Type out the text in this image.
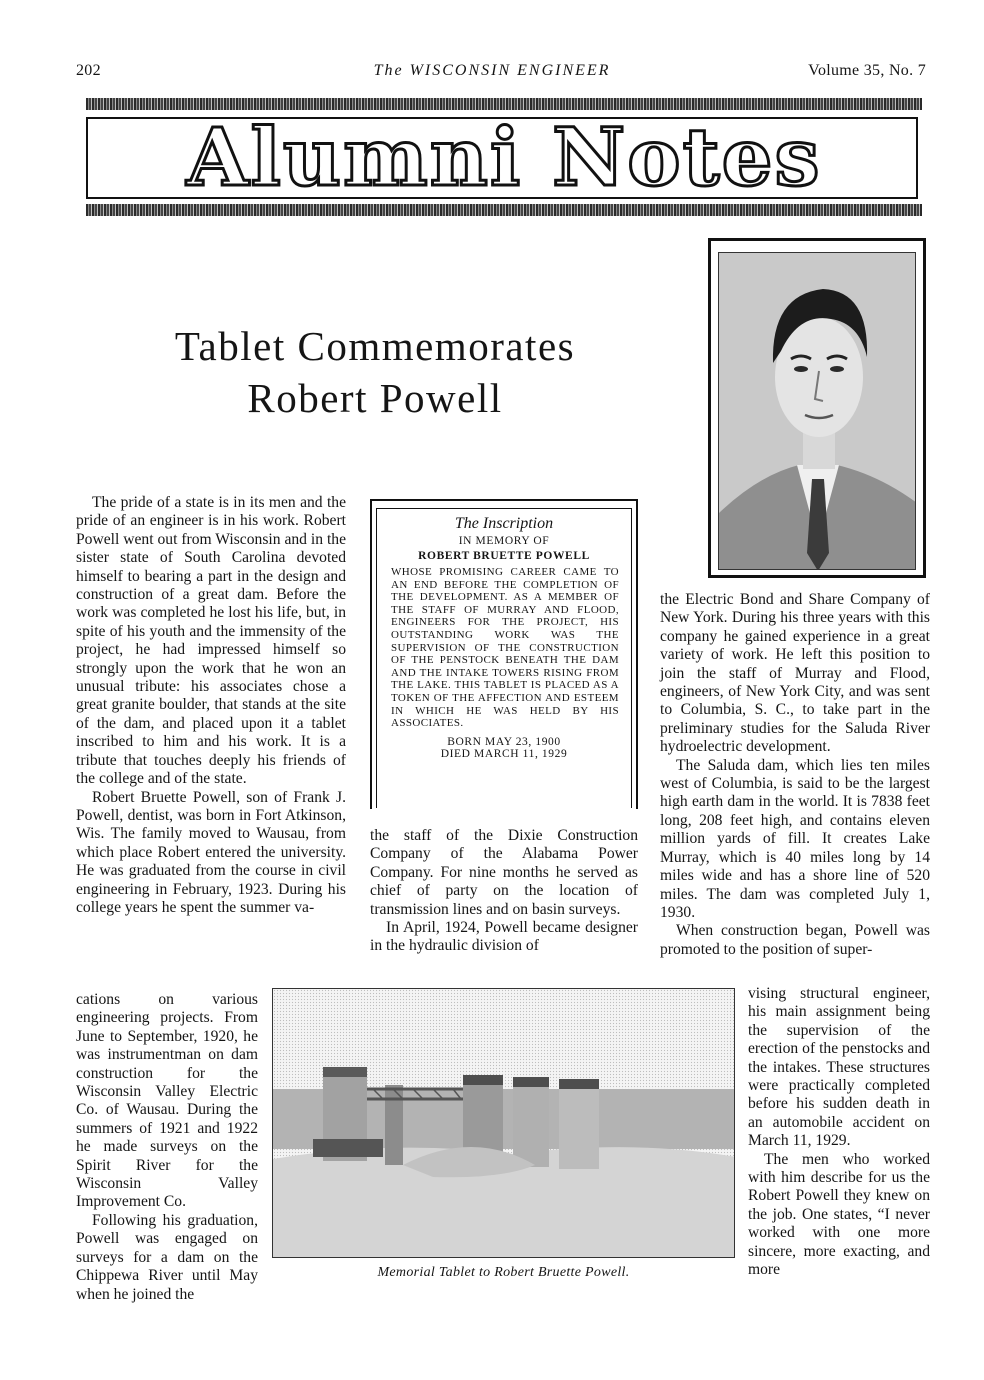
202	The WISCONSIN ENGINEER	Volume 35, No. 7
Alumni Notes
Tablet Commemorates
Robert Powell

The pride of a state is in its men and the pride of an engineer is in his work. Robert Powell went out from Wisconsin and in the sister state of South Carolina devoted himself to bearing a part in the design and construction of a great dam. Before the work was completed he lost his life, but, in spite of his youth and the immensity of the project, he had impressed himself so strongly upon the work that he won an unusual tribute: his associates chose a great granite boulder, that stands at the site of the dam, and placed upon it a tablet inscribed to him and his work. It is a tribute that touches deeply his friends of the college and of the state.

Robert Bruette Powell, son of Frank J. Powell, dentist, was born in Fort Atkinson, Wis. The family moved to Wausau, from which place Robert entered the university. He was graduated from the course in civil engineering in February, 1923. During his college years he spent the summer va-

The Inscription
IN MEMORY OF
ROBERT BRUETTE POWELL
WHOSE PROMISING CAREER CAME TO AN END BEFORE THE COMPLETION OF THE DEVELOPMENT. AS A MEMBER OF THE STAFF OF MURRAY AND FLOOD, ENGINEERS FOR THE PROJECT, HIS OUTSTANDING WORK WAS THE SUPERVISION OF THE CONSTRUCTION OF THE PENSTOCK BENEATH THE DAM AND THE INTAKE TOWERS RISING FROM THE LAKE. THIS TABLET IS PLACED AS A TOKEN OF THE AFFECTION AND ESTEEM IN WHICH HE WAS HELD BY HIS ASSOCIATES.
BORN MAY 23, 1900
DIED MARCH 11, 1929

the staff of the Dixie Construction Company of the Alabama Power Company. For nine months he served as chief of party on the location of transmission lines and on basin surveys.

In April, 1924, Powell became designer in the hydraulic division of

the Electric Bond and Share Company of New York. During his three years with this company he gained experience in a great variety of work. He left this position to join the staff of Murray and Flood, engineers, of New York City, and was sent to Columbia, S. C., to take part in the preliminary studies for the Saluda River hydroelectric development.

The Saluda dam, which lies ten miles west of Columbia, is said to be the largest high earth dam in the world. It is 7838 feet long, 208 feet high, and contains eleven million yards of fill. It creates Lake Murray, which is 40 miles long by 14 miles wide and has a shore line of 520 miles. The dam was completed July 1, 1930.

When construction began, Powell was promoted to the position of super-

cations on various engineering projects. From June to September, 1920, he was instrumentman on dam construction for the Wisconsin Valley Electric Co. of Wausau. During the summers of 1921 and 1922 he made surveys on the Spirit River for the Wisconsin Valley Improvement Co.

Following his graduation, Powell was engaged on surveys for a dam on the Chippewa River until May when he joined the

Memorial Tablet to Robert Bruette Powell.

vising structural engineer, his main assignment being the supervision of the erection of the penstocks and the intakes. These structures were practically completed before his sudden death in an automobile accident on March 11, 1929.

The men who worked with him describe for us the Robert Powell they knew on the job. One states, “I never worked with one more sincere, more exacting, and more
